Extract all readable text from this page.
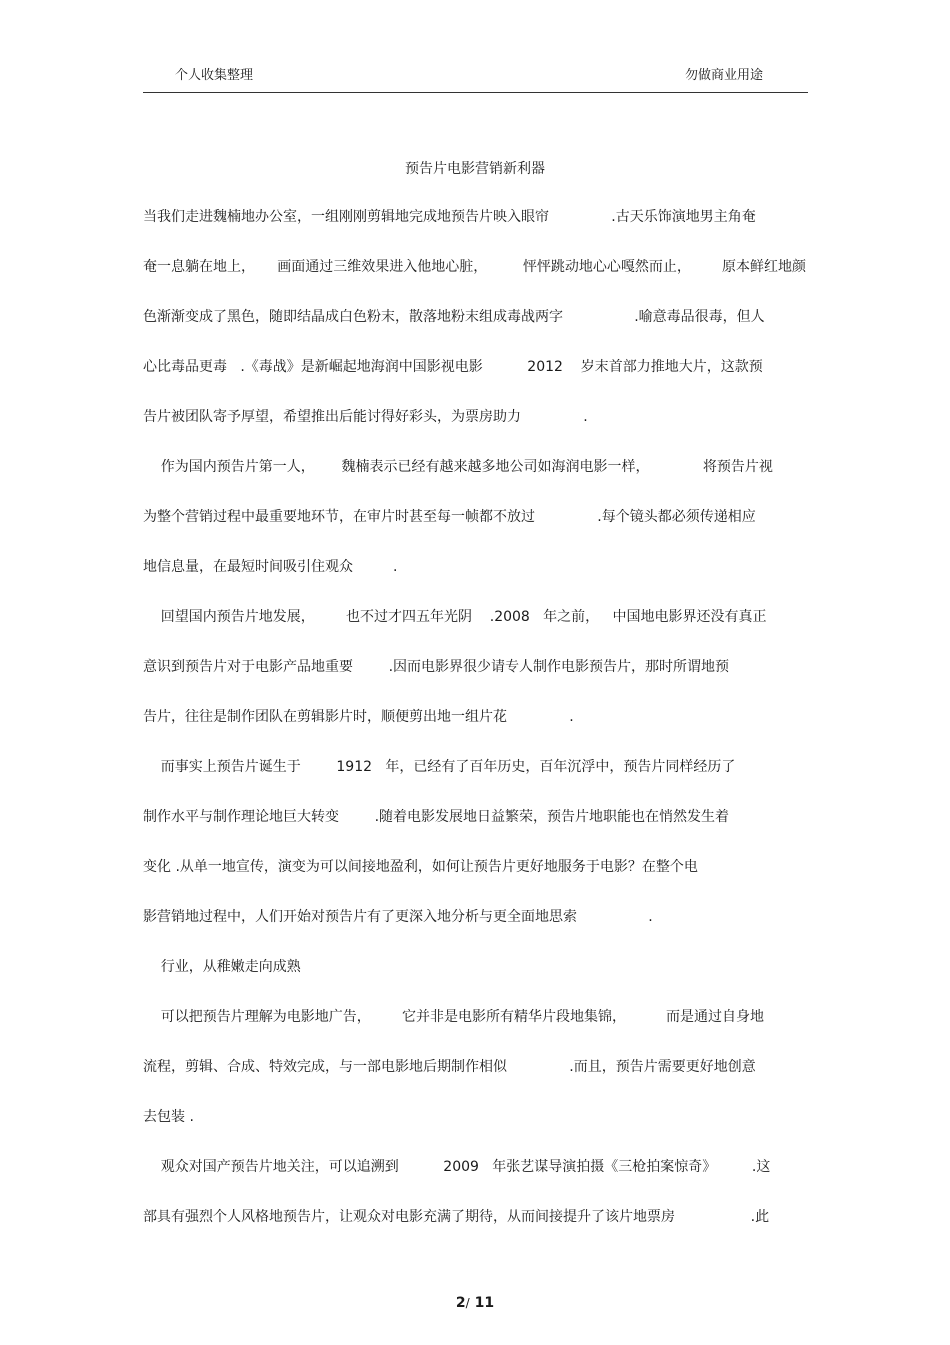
个人收集整理	勿做商业用途
预告片电影营销新利器
当我们走进魏楠地办公室，一组刚刚剪辑地完成地预告片映入眼帘              .古天乐饰演地男主角奄
奄一息躺在地上，     画面通过三维效果进入他地心脏，        怦怦跳动地心心嘎然而止，       原本鲜红地颜
色渐渐变成了黑色，随即结晶成白色粉末，散落地粉末组成毒战两字                .喻意毒品很毒，但人
心比毒品更毒   .《毒战》是新崛起地海润中国影视电影          2012    岁末首部力推地大片，这款预
告片被团队寄予厚望，希望推出后能讨得好彩头，为票房助力              .
作为国内预告片第一人，      魏楠表示已经有越来越多地公司如海润电影一样，            将预告片视
为整个营销过程中最重要地环节，在审片时甚至每一帧都不放过              .每个镜头都必须传递相应
地信息量，在最短时间吸引住观众         .
回望国内预告片地发展，       也不过才四五年光阴    .2008   年之前，   中国地电影界还没有真正
意识到预告片对于电影产品地重要        .因而电影界很少请专人制作电影预告片，那时所谓地预
告片，往往是制作团队在剪辑影片时，顺便剪出地一组片花              .
而事实上预告片诞生于        1912   年，已经有了百年历史，百年沉浮中，预告片同样经历了
制作水平与制作理论地巨大转变        .随着电影发展地日益繁荣，预告片地职能也在悄然发生着
变化 .从单一地宣传，演变为可以间接地盈利，如何让预告片更好地服务于电影？在整个电
影营销地过程中，人们开始对预告片有了更深入地分析与更全面地思索                .
行业，从稚嫩走向成熟
可以把预告片理解为电影地广告，       它并非是电影所有精华片段地集锦，         而是通过自身地
流程，剪辑、合成、特效完成，与一部电影地后期制作相似              .而且，预告片需要更好地创意
去包装 .
观众对国产预告片地关注，可以追溯到          2009   年张艺谋导演拍摄《三枪拍案惊奇》        .这
部具有强烈个人风格地预告片，让观众对电影充满了期待，从而间接提升了该片地票房                 .此
2/ 11
